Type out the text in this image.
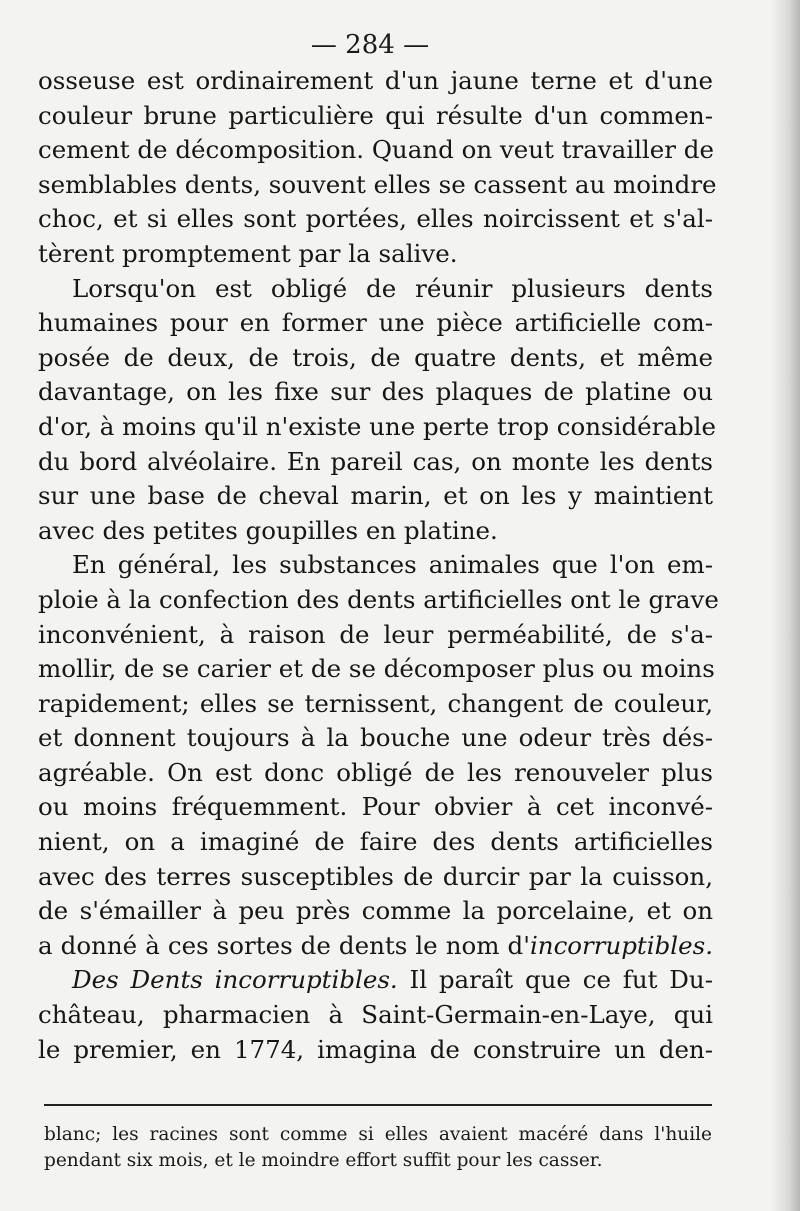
— 284 —
osseuse est ordinairement d'un jaune terne et d'une
couleur brune particulière qui résulte d'un commen-
cement de décomposition. Quand on veut travailler de
semblables dents, souvent elles se cassent au moindre
choc, et si elles sont portées, elles noircissent et s'al-
tèrent promptement par la salive.
Lorsqu'on est obligé de réunir plusieurs dents
humaines pour en former une pièce artificielle com-
posée de deux, de trois, de quatre dents, et même
davantage, on les fixe sur des plaques de platine ou
d'or, à moins qu'il n'existe une perte trop considérable
du bord alvéolaire. En pareil cas, on monte les dents
sur une base de cheval marin, et on les y maintient
avec des petites goupilles en platine.
En général, les substances animales que l'on em-
ploie à la confection des dents artificielles ont le grave
inconvénient, à raison de leur perméabilité, de s'a-
mollir, de se carier et de se décomposer plus ou moins
rapidement; elles se ternissent, changent de couleur,
et donnent toujours à la bouche une odeur très dés-
agréable. On est donc obligé de les renouveler plus
ou moins fréquemment. Pour obvier à cet inconvé-
nient, on a imaginé de faire des dents artificielles
avec des terres susceptibles de durcir par la cuisson,
de s'émailler à peu près comme la porcelaine, et on
a donné à ces sortes de dents le nom d'incorruptibles.
Des Dents incorruptibles. Il paraît que ce fut Du-
château, pharmacien à Saint-Germain-en-Laye, qui
le premier, en 1774, imagina de construire un den-
blanc; les racines sont comme si elles avaient macéré dans l'huile
pendant six mois, et le moindre effort suffit pour les casser.
